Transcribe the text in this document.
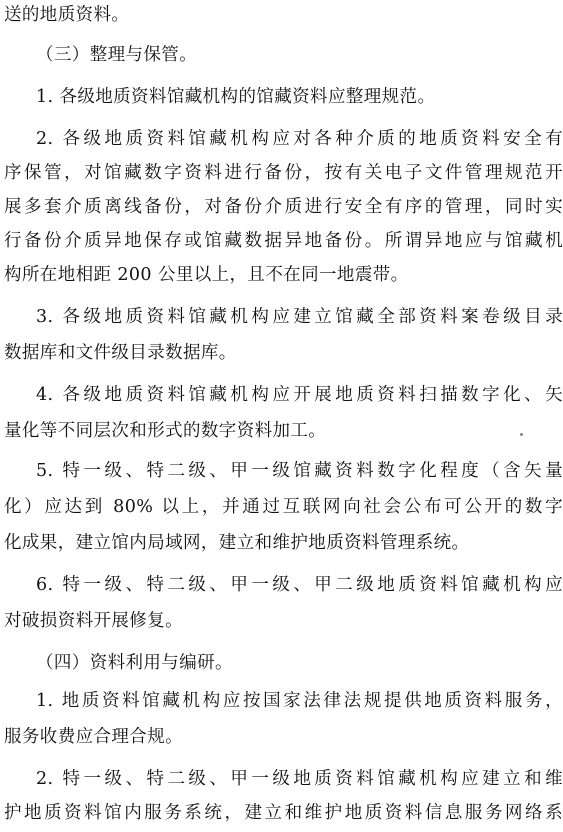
送的地质资料。
（三）整理与保管。
1. 各级地质资料馆藏机构的馆藏资料应整理规范。
2. 各级地质资料馆藏机构应对各种介质的地质资料安全有
序保管，对馆藏数字资料进行备份，按有关电子文件管理规范开
展多套介质离线备份，对备份介质进行安全有序的管理，同时实
行备份介质异地保存或馆藏数据异地备份。所谓异地应与馆藏机
构所在地相距 200 公里以上，且不在同一地震带。
3. 各级地质资料馆藏机构应建立馆藏全部资料案卷级目录
数据库和文件级目录数据库。
4. 各级地质资料馆藏机构应开展地质资料扫描数字化、矢
量化等不同层次和形式的数字资料加工。
5. 特一级、特二级、甲一级馆藏资料数字化程度（含矢量
化）应达到 80% 以上，并通过互联网向社会公布可公开的数字
化成果，建立馆内局域网，建立和维护地质资料管理系统。
6. 特一级、特二级、甲一级、甲二级地质资料馆藏机构应
对破损资料开展修复。
（四）资料利用与编研。
1. 地质资料馆藏机构应按国家法律法规提供地质资料服务，
服务收费应合理合规。
2. 特一级、特二级、甲一级地质资料馆藏机构应建立和维
护地质资料馆内服务系统，建立和维护地质资料信息服务网络系
